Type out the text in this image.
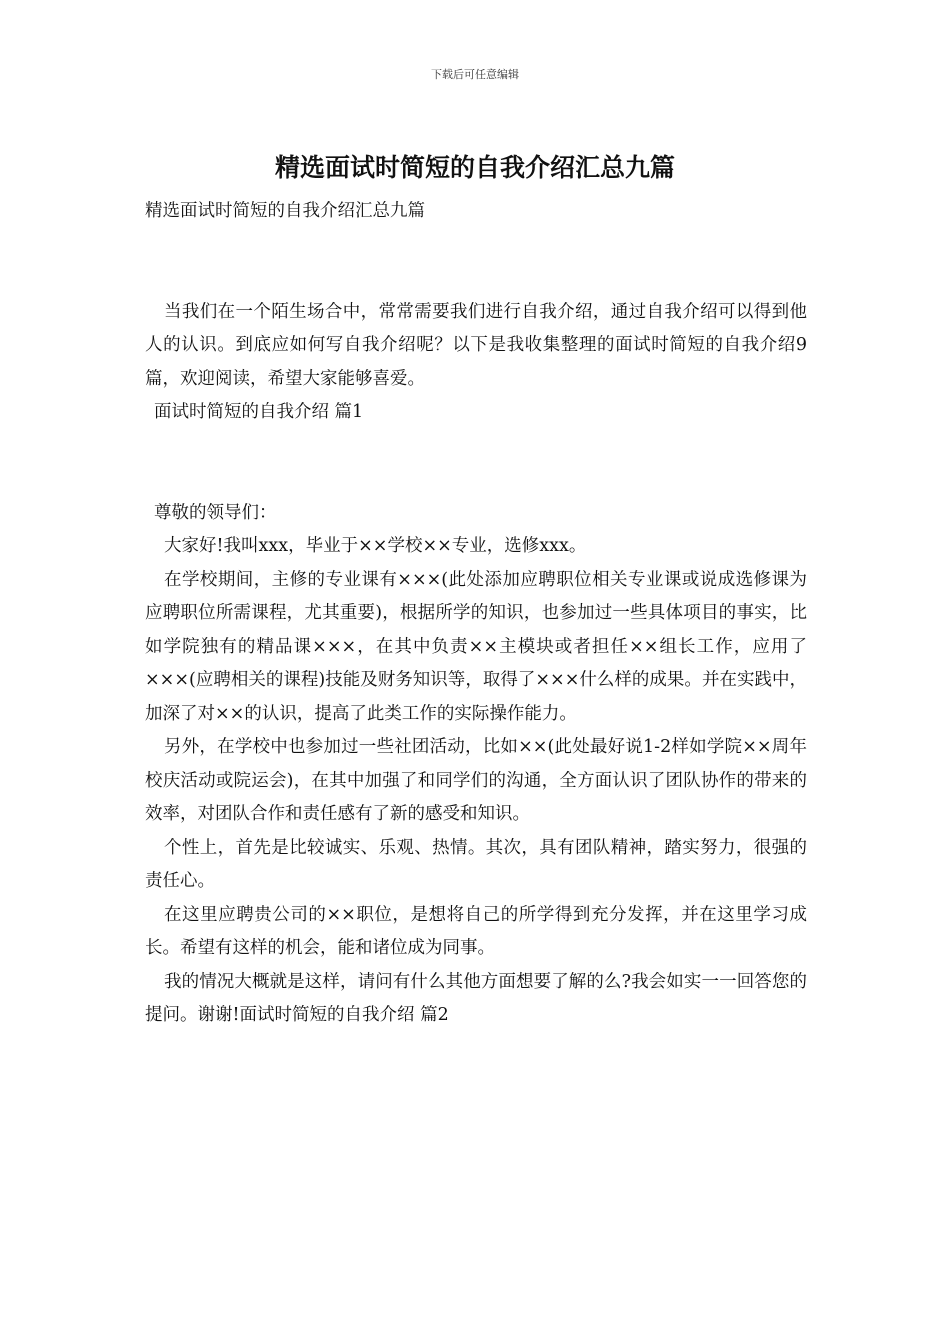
下载后可任意编辑
精选面试时简短的自我介绍汇总九篇

精选面试时简短的自我介绍汇总九篇

当我们在一个陌生场合中，常常需要我们进行自我介绍，通过自我介绍可以得到他人的认识。到底应如何写自我介绍呢？以下是我收集整理的面试时简短的自我介绍9篇，欢迎阅读，希望大家能够喜爱。

面试时简短的自我介绍 篇1

尊敬的领导们：

大家好!我叫xxx，毕业于××学校××专业，选修xxx。

在学校期间，主修的专业课有×××(此处添加应聘职位相关专业课或说成选修课为应聘职位所需课程，尤其重要)，根据所学的知识，也参加过一些具体项目的事实，比如学院独有的精品课×××，在其中负责××主模块或者担任××组长工作，应用了×××(应聘相关的课程)技能及财务知识等，取得了×××什么样的成果。并在实践中，加深了对××的认识，提高了此类工作的实际操作能力。

另外，在学校中也参加过一些社团活动，比如××(此处最好说1-2样如学院××周年校庆活动或院运会)，在其中加强了和同学们的沟通，全方面认识了团队协作的带来的效率，对团队合作和责任感有了新的感受和知识。

个性上，首先是比较诚实、乐观、热情。其次，具有团队精神，踏实努力，很强的责任心。

在这里应聘贵公司的××职位，是想将自己的所学得到充分发挥，并在这里学习成长。希望有这样的机会，能和诸位成为同事。

我的情况大概就是这样，请问有什么其他方面想要了解的么?我会如实一一回答您的提问。谢谢!面试时简短的自我介绍 篇2
